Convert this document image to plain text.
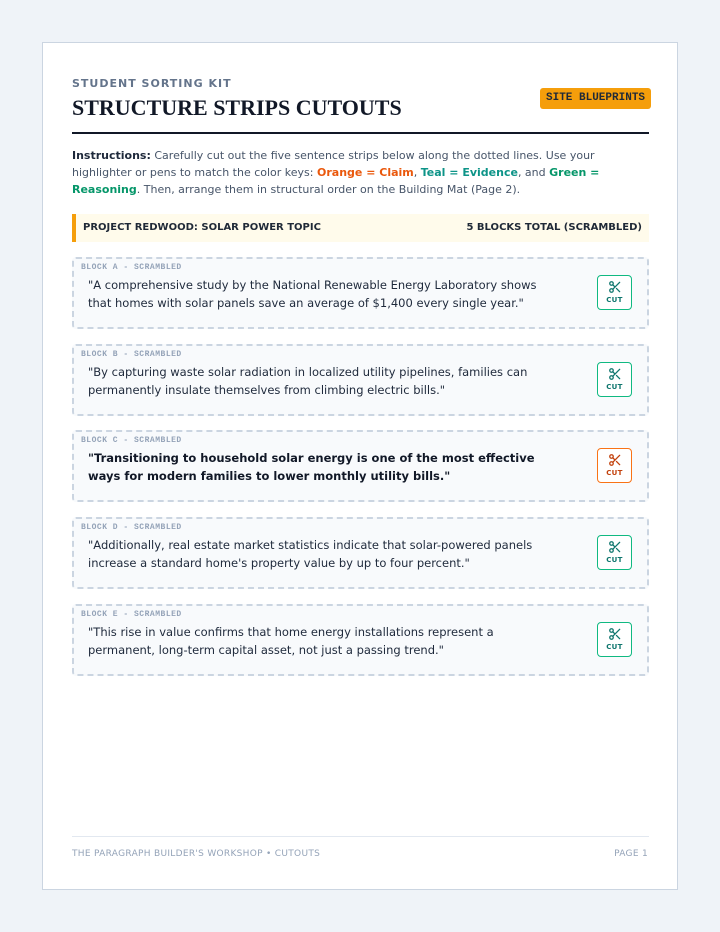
STUDENT SORTING KIT
STRUCTURE STRIPS CUTOUTS	SITE BLUEPRINTS

Instructions: Carefully cut out the five sentence strips below along the dotted lines. Use your highlighter or pens to match the color keys: Orange = Claim, Teal = Evidence, and Green = Reasoning. Then, arrange them in structural order on the Building Mat (Page 2).

PROJECT REDWOOD: SOLAR POWER TOPIC	5 BLOCKS TOTAL (SCRAMBLED)
BLOCK A - SCRAMBLED
"A comprehensive study by the National Renewable Energy Laboratory shows that homes with solar panels save an average of $1,400 every single year."	CUT
BLOCK B - SCRAMBLED
"By capturing waste solar radiation in localized utility pipelines, families can permanently insulate themselves from climbing electric bills."	CUT
BLOCK C - SCRAMBLED
"Transitioning to household solar energy is one of the most effective ways for modern families to lower monthly utility bills."	CUT
BLOCK D - SCRAMBLED
"Additionally, real estate market statistics indicate that solar-powered panels increase a standard home's property value by up to four percent."	CUT
BLOCK E - SCRAMBLED
"This rise in value confirms that home energy installations represent a permanent, long-term capital asset, not just a passing trend."	CUT
THE PARAGRAPH BUILDER'S WORKSHOP • CUTOUTS	PAGE 1
